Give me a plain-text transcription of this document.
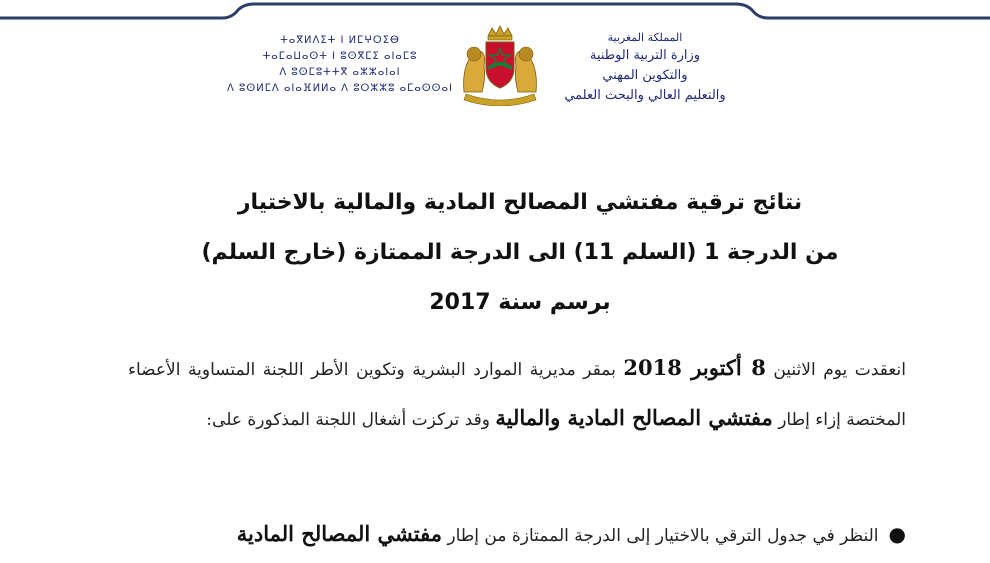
ⵜⴰⴳⵍⴷⵉⵜ ⵏ ⵍⵎⵖⵔⵉⴱ
ⵜⴰⵎⴰⵡⴰⵙⵜ ⵏ ⵓⵙⴳⵎⵉ ⴰⵏⴰⵎⵓ
ⴷ ⵓⵙⵎⵓⵜⵜⴳ ⴰⵣⵣⴰⵏⴰⵏ
ⴷ ⵓⵙⵍⵎⴷ ⴰⵏⴰⴼⵍⵍⴰ ⴷ ⵓⵔⵣⵣⵓ ⴰⵎⴰⵙⵙⴰⵏ
المملكة المغربية
وزارة التربية الوطنية
والتكوين المهني
والتعليم العالي والبحث العلمي
نتائج ترقية مفتشي المصالح المادية والمالية بالاختيار
من الدرجة 1 (السلم 11) الى الدرجة الممتازة (خارج السلم)
برسم سنة 2017
انعقدت يوم الاثنين 8 أكتوبر 2018 بمقر مديرية الموارد البشرية وتكوين الأطر اللجنة المتساوية الأعضاء المختصة إزاء إطار مفتشي المصالح المادية والمالية وقد تركزت أشغال اللجنة المذكورة على:
●النظر في جدول الترقي بالاختيار إلى الدرجة الممتازة من إطار مفتشي المصالح المادية
